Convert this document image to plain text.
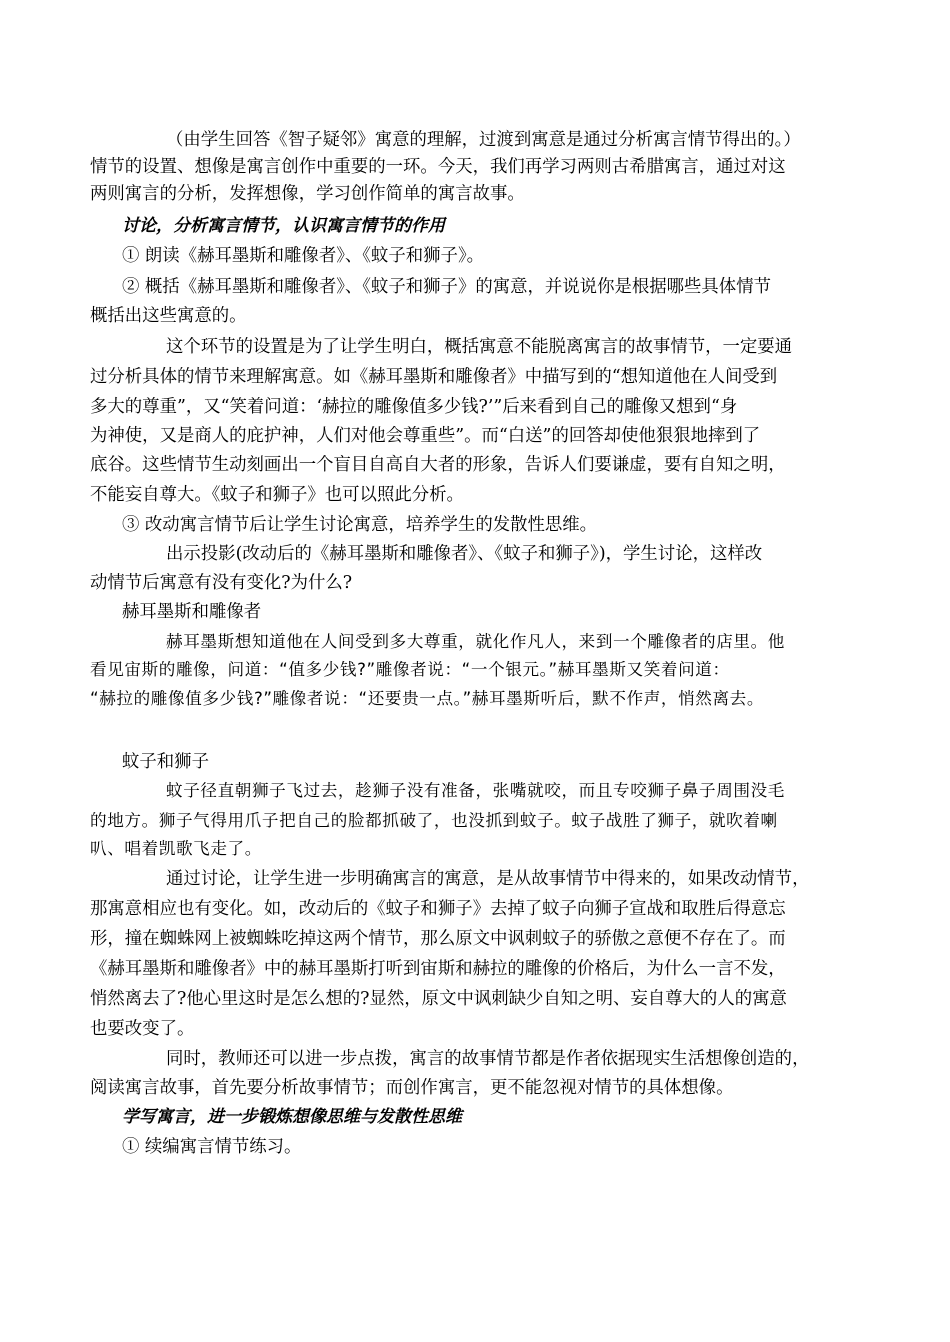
（由学生回答《智子疑邻》寓意的理解，过渡到寓意是通过分析寓言情节得出的。）
情节的设置、想像是寓言创作中重要的一环。今天，我们再学习两则古希腊寓言，通过对这
两则寓言的分析，发挥想像，学习创作简单的寓言故事。
讨论，分析寓言情节，认识寓言情节的作用
① 朗读《赫耳墨斯和雕像者》、《蚊子和狮子》。
② 概括《赫耳墨斯和雕像者》、《蚊子和狮子》的寓意，并说说你是根据哪些具体情节
概括出这些寓意的。
这个环节的设置是为了让学生明白，概括寓意不能脱离寓言的故事情节，一定要通
过分析具体的情节来理解寓意。如《赫耳墨斯和雕像者》中描写到的“想知道他在人间受到
多大的尊重”，又“笑着问道：‘赫拉的雕像值多少钱?’”后来看到自己的雕像又想到“身
为神使，又是商人的庇护神，人们对他会尊重些”。而“白送”的回答却使他狠狠地摔到了
底谷。这些情节生动刻画出一个盲目自高自大者的形象，告诉人们要谦虚，要有自知之明，
不能妄自尊大。《蚊子和狮子》也可以照此分析。
③ 改动寓言情节后让学生讨论寓意，培养学生的发散性思维。
出示投影(改动后的《赫耳墨斯和雕像者》、《蚊子和狮子》)，学生讨论，这样改
动情节后寓意有没有变化?为什么?
赫耳墨斯和雕像者
赫耳墨斯想知道他在人间受到多大尊重，就化作凡人，来到一个雕像者的店里。他
看见宙斯的雕像，问道：“值多少钱?”雕像者说：“一个银元。”赫耳墨斯又笑着问道：
“赫拉的雕像值多少钱?”雕像者说：“还要贵一点。”赫耳墨斯听后，默不作声，悄然离去。
蚊子和狮子
蚊子径直朝狮子飞过去，趁狮子没有准备，张嘴就咬，而且专咬狮子鼻子周围没毛
的地方。狮子气得用爪子把自己的脸都抓破了，也没抓到蚊子。蚊子战胜了狮子，就吹着喇
叭、唱着凯歌飞走了。
通过讨论，让学生进一步明确寓言的寓意，是从故事情节中得来的，如果改动情节，
那寓意相应也有变化。如，改动后的《蚊子和狮子》去掉了蚊子向狮子宣战和取胜后得意忘
形，撞在蜘蛛网上被蜘蛛吃掉这两个情节，那么原文中讽刺蚊子的骄傲之意便不存在了。而
《赫耳墨斯和雕像者》中的赫耳墨斯打听到宙斯和赫拉的雕像的价格后，为什么一言不发，
悄然离去了?他心里这时是怎么想的?显然，原文中讽刺缺少自知之明、妄自尊大的人的寓意
也要改变了。
同时，教师还可以进一步点拨，寓言的故事情节都是作者依据现实生活想像创造的，
阅读寓言故事，首先要分析故事情节；而创作寓言，更不能忽视对情节的具体想像。
学写寓言，进一步锻炼想像思维与发散性思维
① 续编寓言情节练习。
